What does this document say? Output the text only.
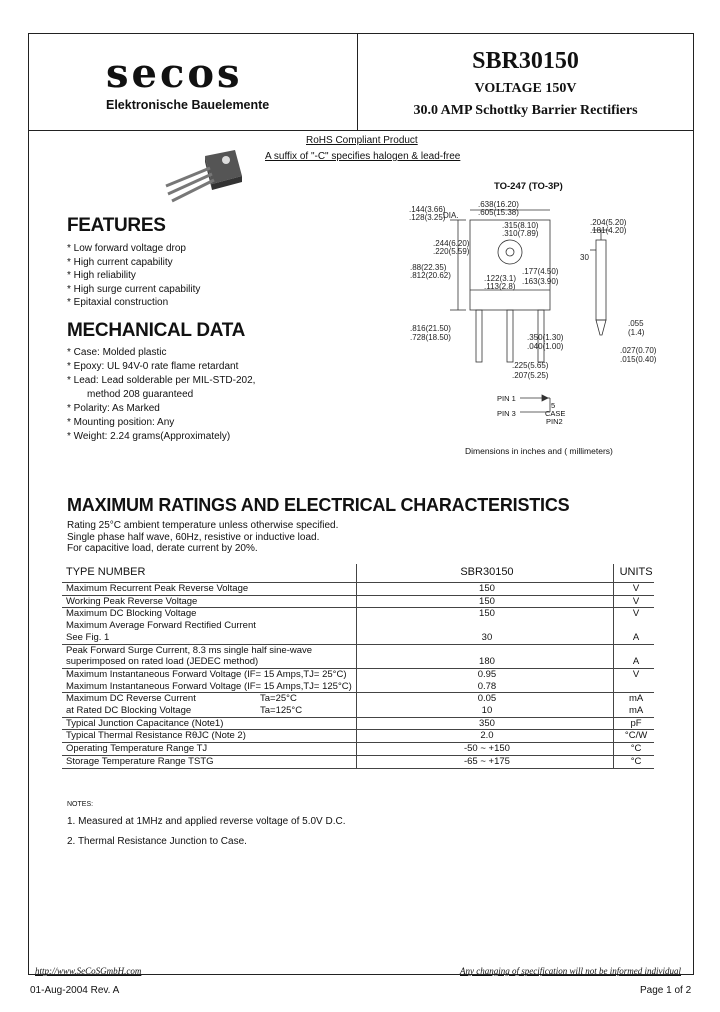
secos
Elektronische Bauelemente
SBR30150
VOLTAGE 150V
30.0 AMP Schottky Barrier Rectifiers
RoHS Compliant Product
A suffix of "-C" specifies halogen & lead-free
TO-247 (TO-3P)
.144(3.66)
.128(3.25)
DIA.
.638(16.20)
.605(15.38)
.315(8.10)
.310(7.89)
.244(6.20)
.220(5.59)
.88(22.35)
.812(20.62)	.122(3.1)
.113(2.8)
.177(4.50)
.163(3.90)
.816(21.50)
.728(18.50)	.350(1.30)
.040(1.00)
.225(5.65)
.207(5.25)
.204(5.20)
.181(4.20)
30
.055
(1.4)
.027(0.70)
.015(0.40)
PIN 1
5
PIN 3	CASE
PIN2
Dimensions in inches and ( millimeters)
FEATURES
* Low forward voltage drop
* High current capability
* High reliability
* High surge current capability
* Epitaxial construction
MECHANICAL DATA
* Case: Molded plastic
* Epoxy: UL 94V-0 rate flame retardant
* Lead: Lead solderable per MIL-STD-202,
method 208 guaranteed
* Polarity: As Marked
* Mounting position: Any
* Weight: 2.24 grams(Approximately)
MAXIMUM RATINGS AND ELECTRICAL CHARACTERISTICS
Rating 25°C ambient temperature unless otherwise specified.
Single phase half wave, 60Hz, resistive or inductive load.
For capacitive load, derate current by 20%.
TYPE NUMBER	SBR30150	UNITS
Maximum Recurrent Peak Reverse Voltage	150	V
Working Peak Reverse Voltage	150	V
Maximum DC Blocking Voltage	150	V
Maximum Average Forward Rectified Current		
See Fig. 1	30	A
Peak Forward Surge Current, 8.3 ms single half sine-wave		
superimposed on rated load (JEDEC method)	180	A
Maximum Instantaneous Forward Voltage (IF= 15 Amps,TJ= 25°C)	0.95	V
Maximum Instantaneous Forward Voltage (IF= 15 Amps,TJ= 125°C)	0.78	
Maximum DC Reverse Current Ta=25°C	0.05	mA
at Rated DC Blocking Voltage Ta=125°C	10	mA
Typical Junction Capacitance (Note1)	350	pF
Typical Thermal Resistance RθJC (Note 2)	2.0	°C/W
Operating Temperature Range TJ	-50 ~ +150	°C
Storage Temperature Range TSTG	-65 ~ +175	°C
NOTES:
1. Measured at 1MHz and applied reverse voltage of 5.0V D.C.
2. Thermal Resistance Junction to Case.
http://www.SeCoSGmbH.com	Any changing of specification will not be informed individual
01-Aug-2004 Rev. A	Page 1 of 2
